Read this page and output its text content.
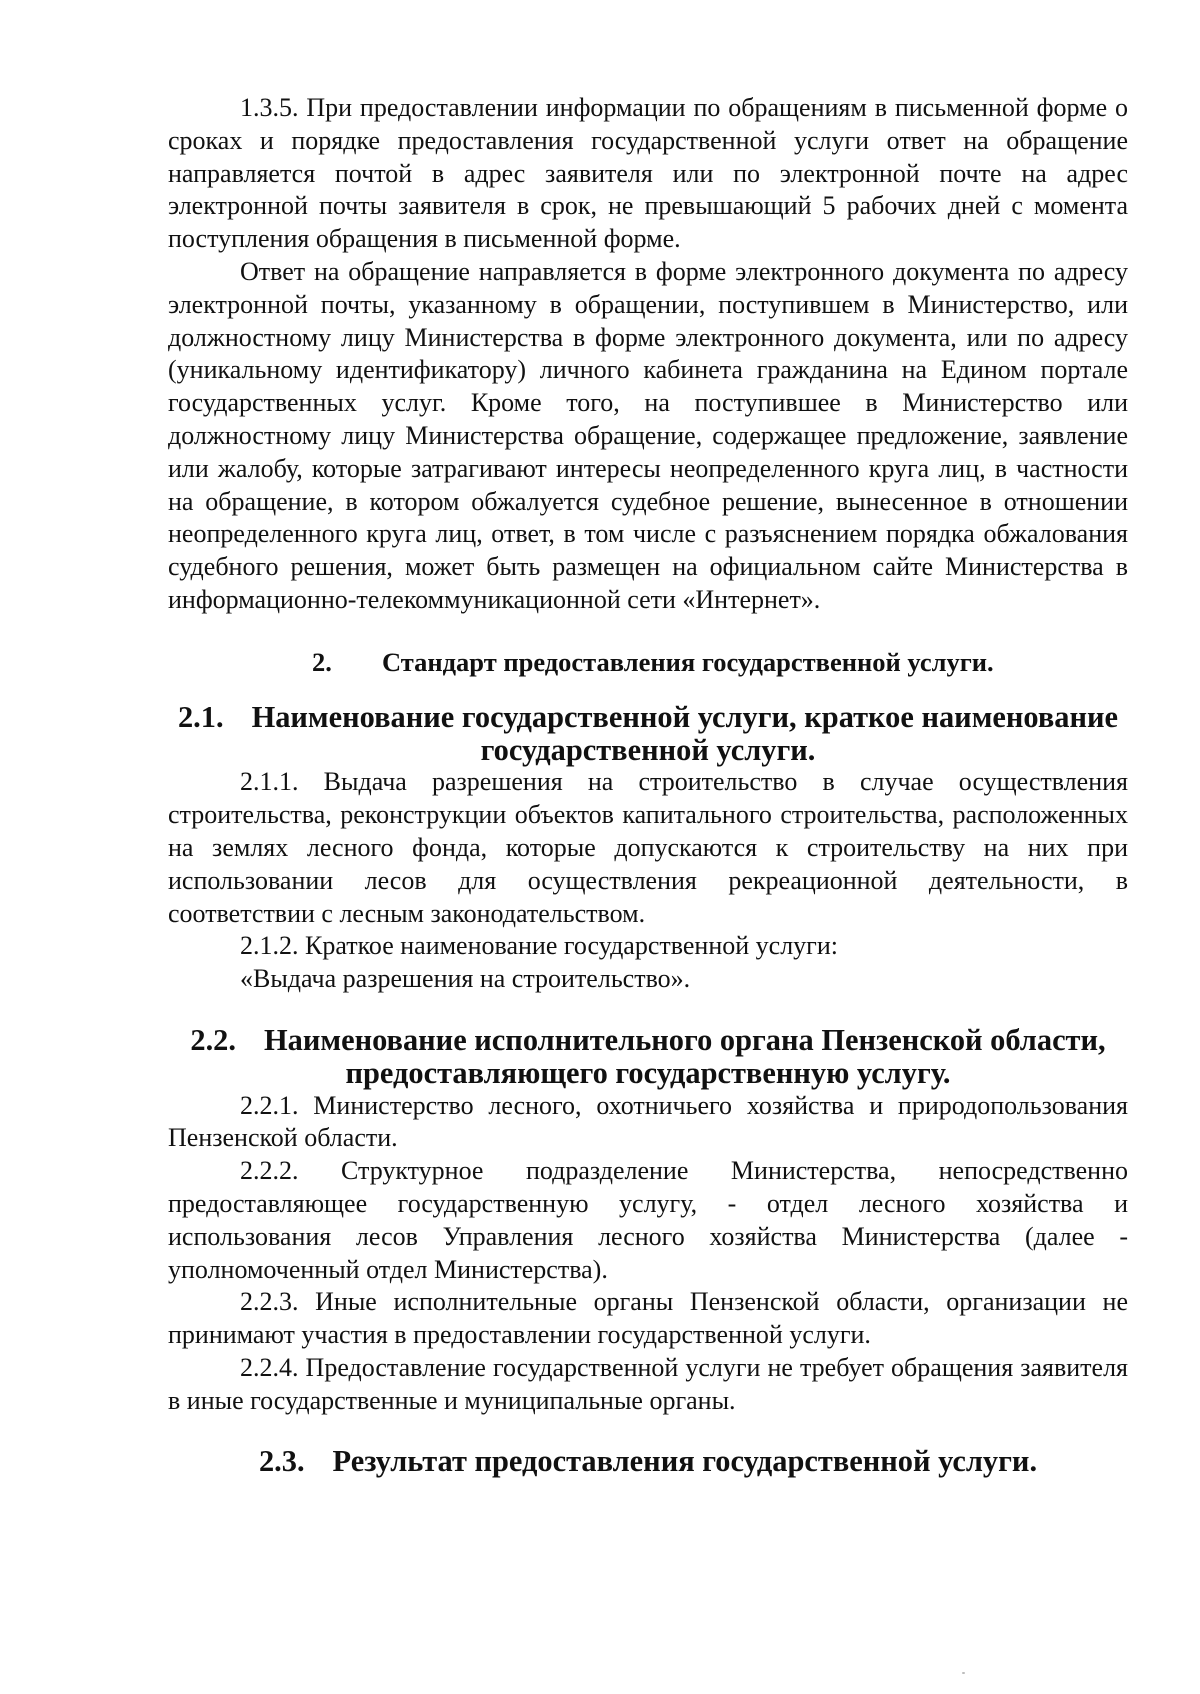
1.3.5. При предоставлении информации по обращениям в письменной форме о сроках и порядке предоставления государственной услуги ответ на обращение направляется почтой в адрес заявителя или по электронной почте на адрес электронной почты заявителя в срок, не превышающий 5 рабочих дней с момента поступления обращения в письменной форме.

Ответ на обращение направляется в форме электронного документа по адресу электронной почты, указанному в обращении, поступившем в Министерство, или должностному лицу Министерства в форме электронного документа, или по адресу (уникальному идентификатору) личного кабинета гражданина на Едином портале государственных услуг. Кроме того, на поступившее в Министерство или должностному лицу Министерства обращение, содержащее предложение, заявление или жалобу, которые затрагивают интересы неопределенного круга лиц, в частности на обращение, в котором обжалуется судебное решение, вынесенное в отношении неопределенного круга лиц, ответ, в том числе с разъяснением порядка обжалования судебного решения, может быть размещен на официальном сайте Министерства в информационно-телекоммуникационной сети «Интернет».

2.	Стандарт предоставления государственной услуги.
2.1. Наименование государственной услуги, краткое наименование
государственной услуги.

2.1.1. Выдача разрешения на строительство в случае осуществления строительства, реконструкции объектов капитального строительства, расположенных на землях лесного фонда, которые допускаются к строительству на них при использовании лесов для осуществления рекреационной деятельности, в соответствии с лесным законодательством.

2.1.2. Краткое наименование государственной услуги:

«Выдача разрешения на строительство».

2.2. Наименование исполнительного органа Пензенской области,
предоставляющего государственную услугу.

2.2.1. Министерство лесного, охотничьего хозяйства и природопользования Пензенской области.

2.2.2. Структурное подразделение Министерства, непосредственно предоставляющее государственную услугу, - отдел лесного хозяйства и использования лесов Управления лесного хозяйства Министерства (далее - уполномоченный отдел Министерства).

2.2.3. Иные исполнительные органы Пензенской области, организации не принимают участия в предоставлении государственной услуги.

2.2.4. Предоставление государственной услуги не требует обращения заявителя в иные государственные и муниципальные органы.

2.3. Результат предоставления государственной услуги.
